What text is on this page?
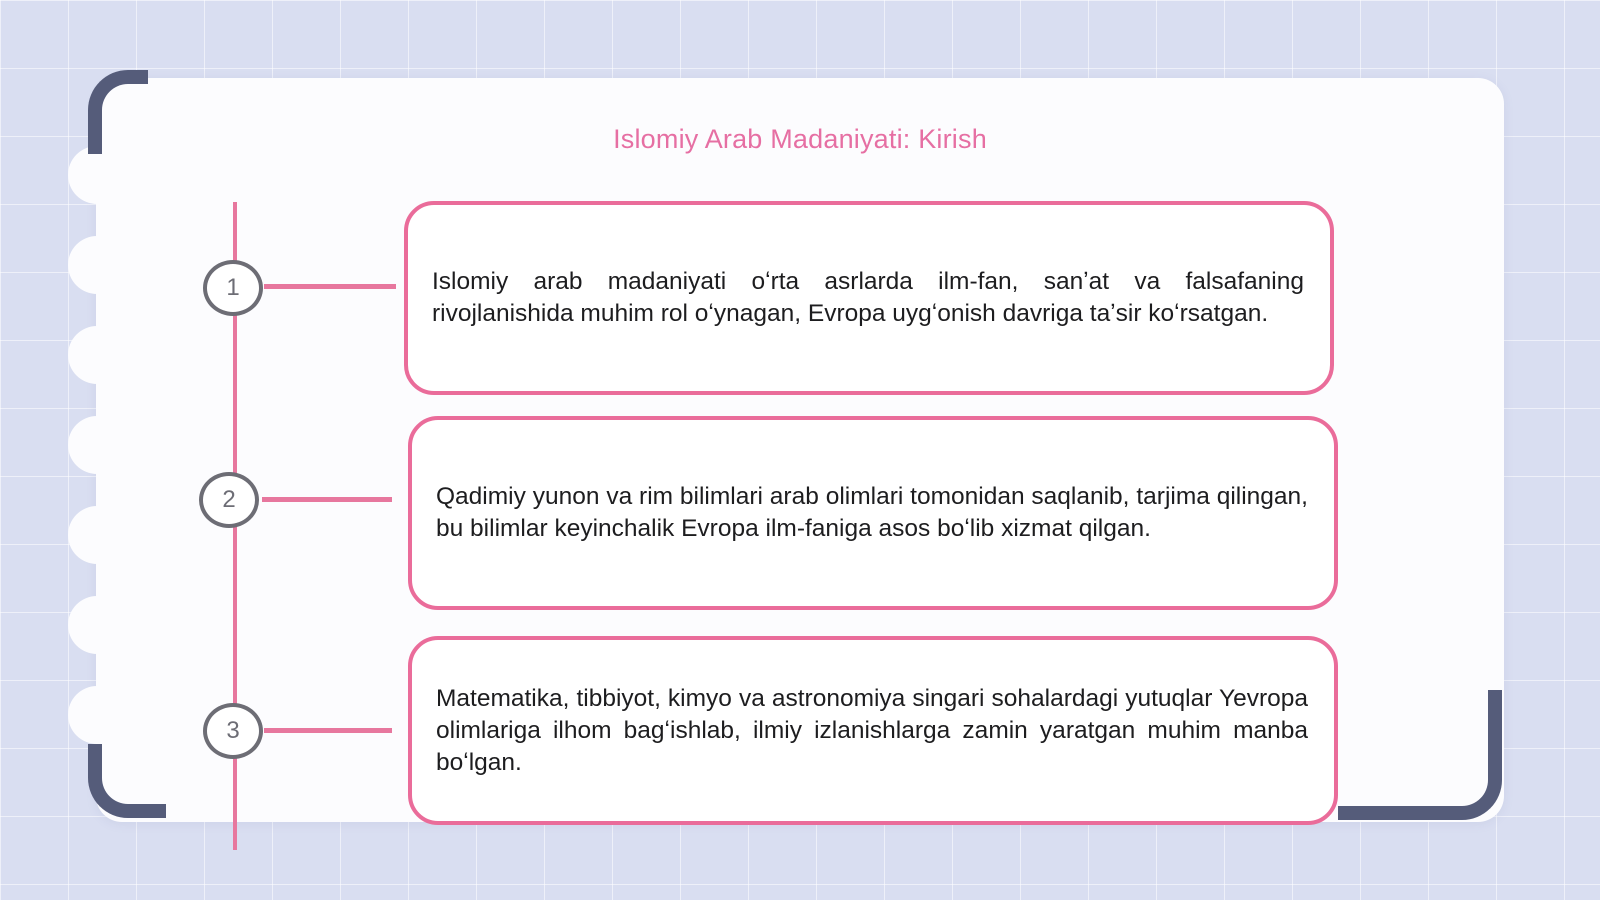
Islomiy Arab Madaniyati: Kirish
1	Islomiy arab madaniyati oʻrta asrlarda ilm-fan, sanʼat va falsafaning rivojlanishida muhim rol oʻynagan, Evropa uygʻonish davriga taʼsir koʻrsatgan.
2	Qadimiy yunon va rim bilimlari arab olimlari tomonidan saqlanib, tarjima qilingan, bu bilimlar keyinchalik Evropa ilm-faniga asos boʻlib xizmat qilgan.
3
Matematika, tibbiyot, kimyo va astronomiya singari sohalardagi yutuqlar Yevropa olimlariga ilhom bagʻishlab, ilmiy izlanishlarga zamin yaratgan muhim manba boʻlgan.
